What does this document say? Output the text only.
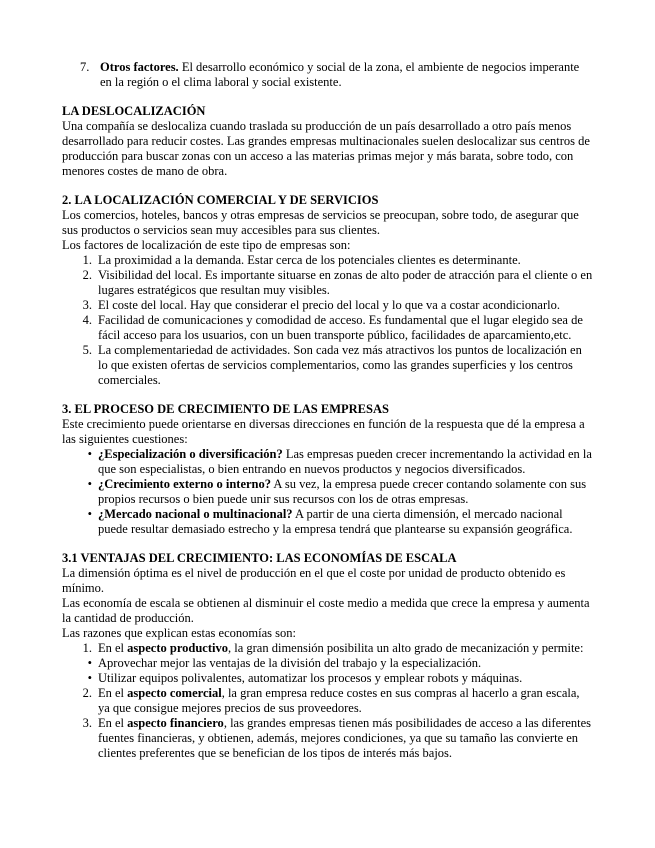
7. Otros factores. El desarrollo económico y social de la zona, el ambiente de negocios imperante en la región o el clima laboral y social existente.

LA DESLOCALIZACIÓN

Una compañía se deslocaliza cuando traslada su producción de un país desarrollado a otro país menos desarrollado para reducir costes. Las grandes empresas multinacionales suelen deslocalizar sus centros de producción para buscar zonas con un acceso a las materias primas mejor y más barata, sobre todo, con menores costes de mano de obra.

2. LA LOCALIZACIÓN COMERCIAL Y DE SERVICIOS

Los comercios, hoteles, bancos y otras empresas de servicios se preocupan, sobre todo, de asegurar que sus productos o servicios sean muy accesibles para sus clientes.

Los factores de localización de este tipo de empresas son:

1. La proximidad a la demanda. Estar cerca de los potenciales clientes es determinante.
2. Visibilidad del local. Es importante situarse en zonas de alto poder de atracción para el cliente o en lugares estratégicos que resultan muy visibles.
3. El coste del local. Hay que considerar el precio del local y lo que va a costar acondicionarlo.
4. Facilidad de comunicaciones y comodidad de acceso. Es fundamental que el lugar elegido sea de fácil acceso para los usuarios, con un buen transporte público, facilidades de aparcamiento,etc.
5. La complementariedad de actividades. Son cada vez más atractivos los puntos de localización en lo que existen ofertas de servicios complementarios, como las grandes superficies y los centros comerciales.
3. EL PROCESO DE CRECIMIENTO DE LAS EMPRESAS

Este crecimiento puede orientarse en diversas direcciones en función de la respuesta que dé la empresa a las siguientes cuestiones:

• ¿Especialización o diversificación? Las empresas pueden crecer incrementando la actividad en la que son especialistas, o bien entrando en nuevos productos y negocios diversificados.
• ¿Crecimiento externo o interno? A su vez, la empresa puede crecer contando solamente con sus propios recursos o bien puede unir sus recursos con los de otras empresas.
• ¿Mercado nacional o multinacional? A partir de una cierta dimensión, el mercado nacional puede resultar demasiado estrecho y la empresa tendrá que plantearse su expansión geográfica.
3.1 VENTAJAS DEL CRECIMIENTO: LAS ECONOMÍAS DE ESCALA

La dimensión óptima es el nivel de producción en el que el coste por unidad de producto obtenido es mínimo.

Las economía de escala se obtienen al disminuir el coste medio a medida que crece la empresa y aumenta la cantidad de producción.

Las razones que explican estas economías son:

1. En el aspecto productivo, la gran dimensión posibilita un alto grado de mecanización y permite:
• Aprovechar mejor las ventajas de la división del trabajo y la especialización.
• Utilizar equipos polivalentes, automatizar los procesos y emplear robots y máquinas.
2. En el aspecto comercial, la gran empresa reduce costes en sus compras al hacerlo a gran escala, ya que consigue mejores precios de sus proveedores.
3. En el aspecto financiero, las grandes empresas tienen más posibilidades de acceso a las diferentes fuentes financieras, y obtienen, además, mejores condiciones, ya que su tamaño las convierte en clientes preferentes que se benefician de los tipos de interés más bajos.
